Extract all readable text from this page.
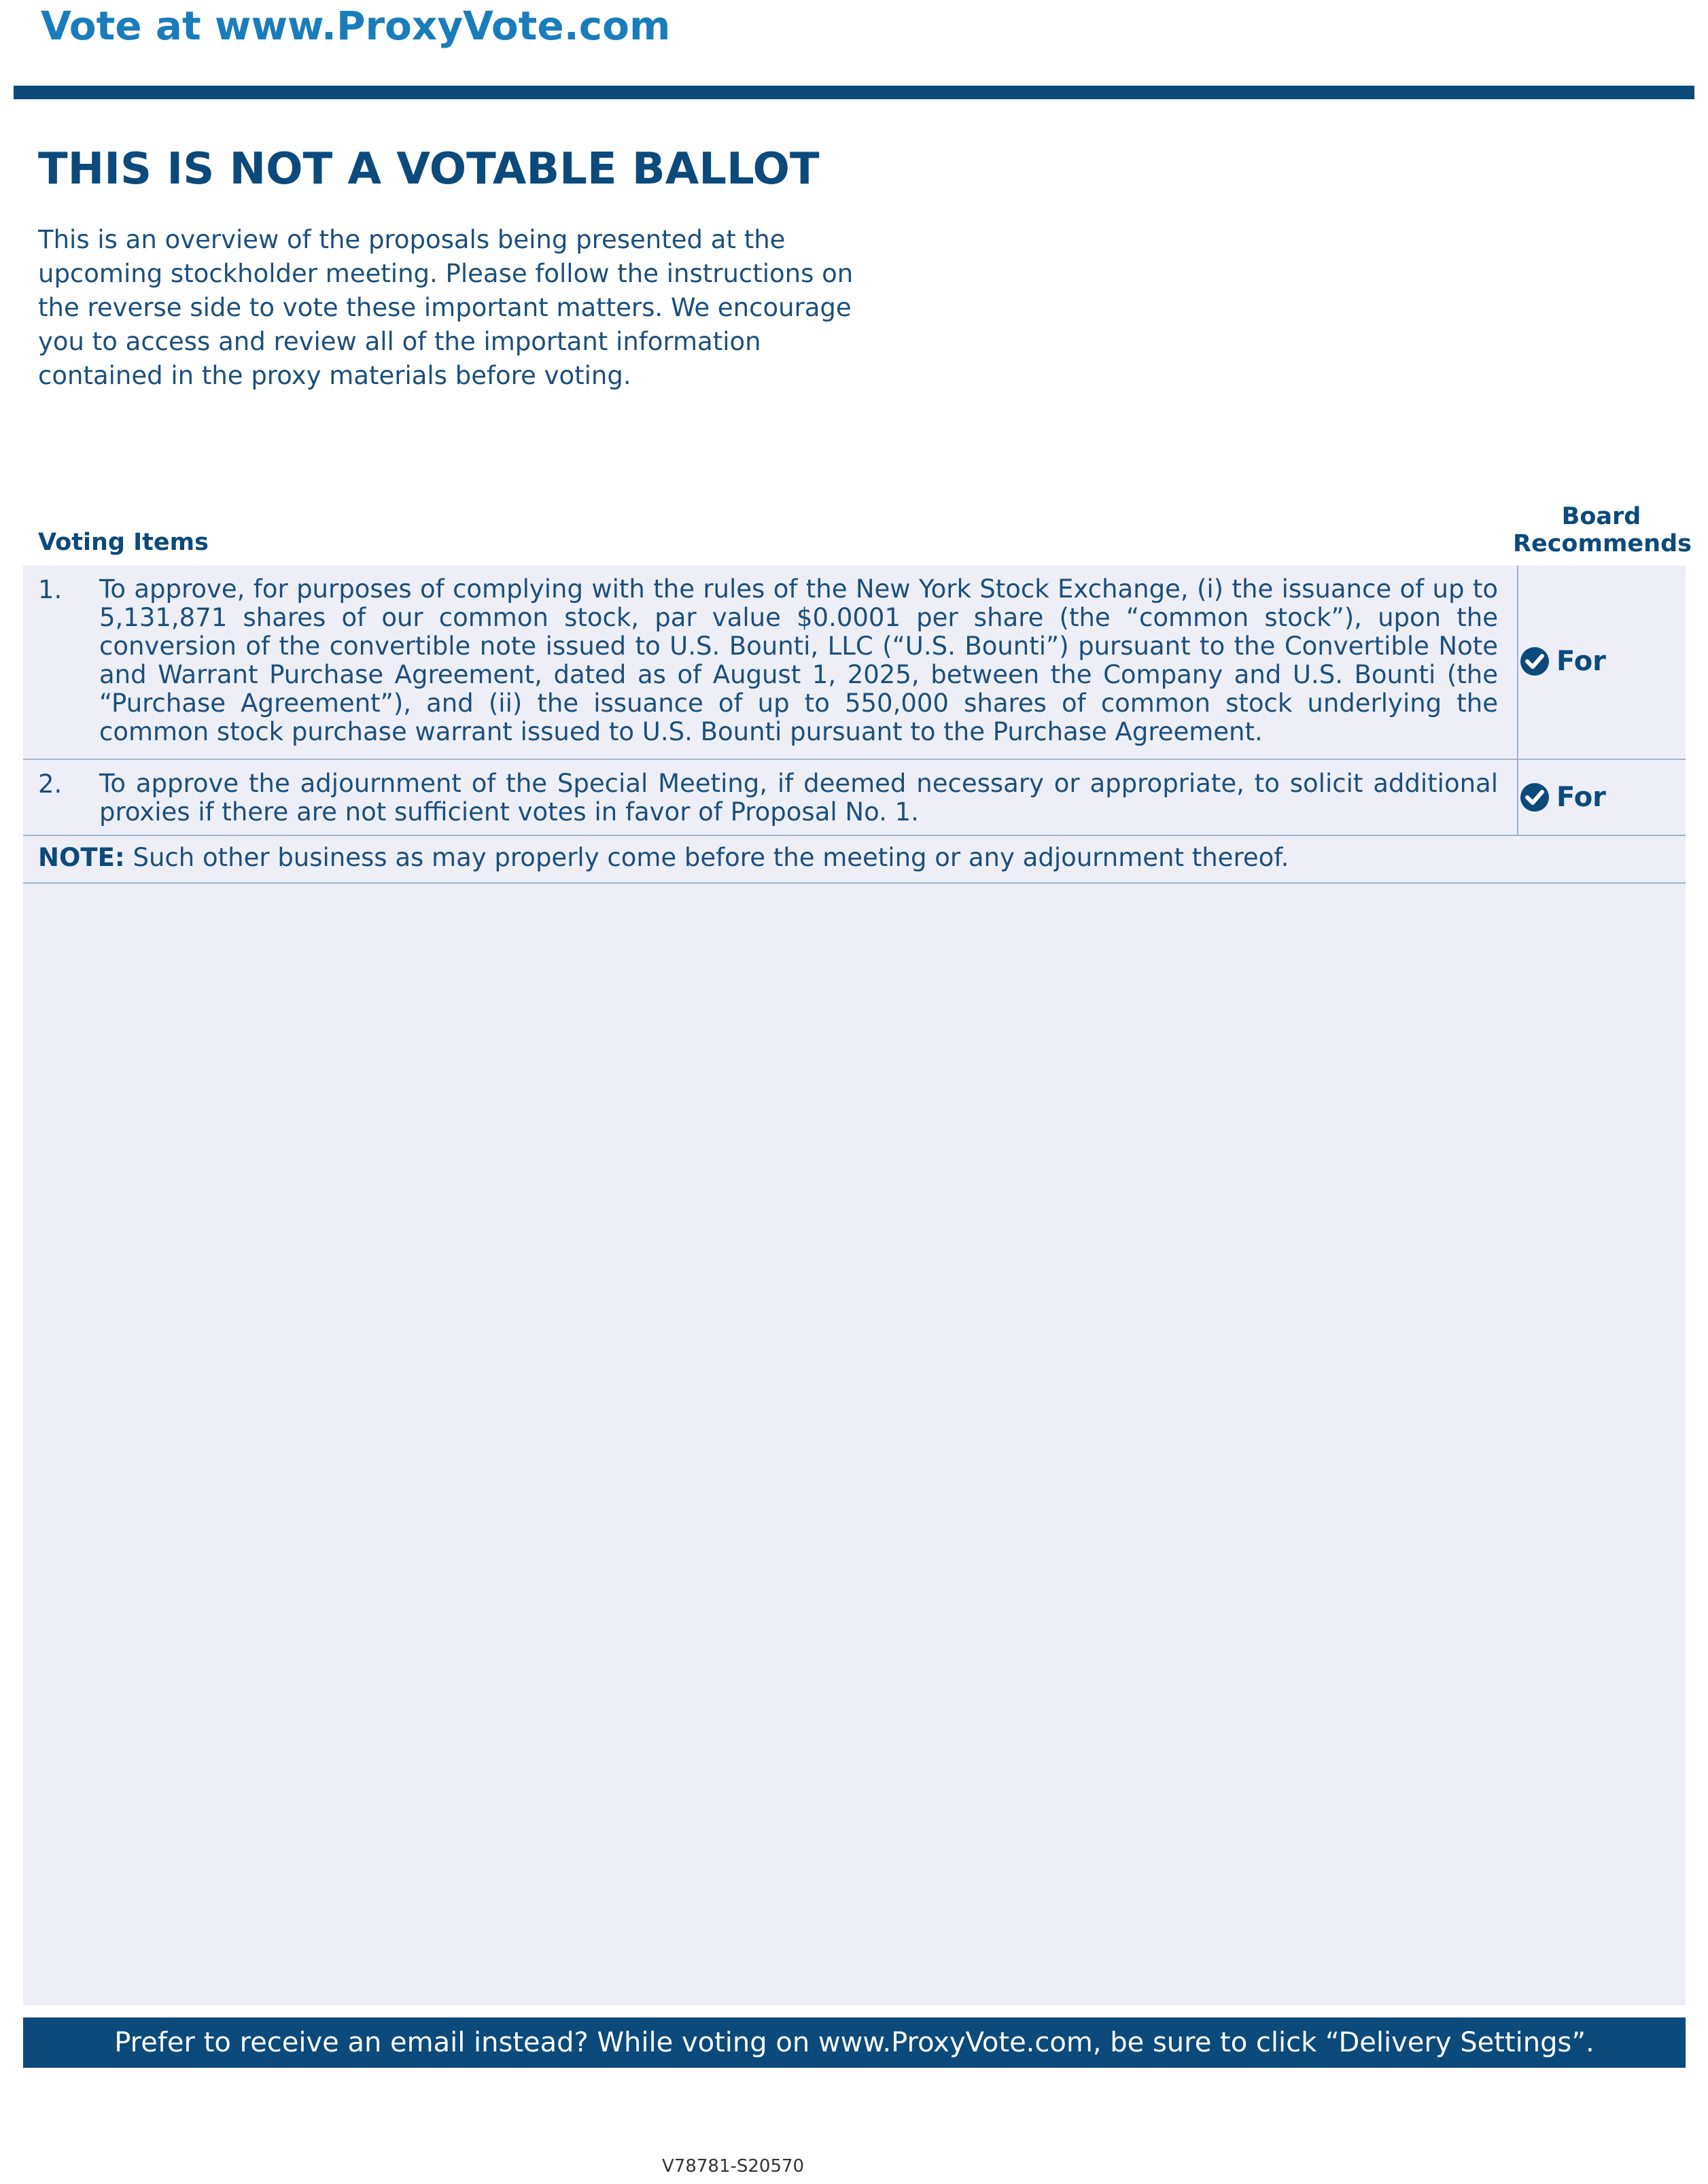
Vote at www.ProxyVote.com
THIS IS NOT A VOTABLE BALLOT
This is an overview of the proposals being presented at the upcoming stockholder meeting. Please follow the instructions on the reverse side to vote these important matters. We encourage you to access and review all of the important information contained in the proxy materials before voting.
Voting Items
Board
Recommends
1. To approve, for purposes of complying with the rules of the New York Stock Exchange, (i) the issuance of up to 5,131,871 shares of our common stock, par value $0.0001 per share (the “common stock”), upon the conversion of the convertible note issued to U.S. Bounti, LLC (“U.S. Bounti”) pursuant to the Convertible Note and Warrant Purchase Agreement, dated as of August 1, 2025, between the Company and U.S. Bounti (the “Purchase Agreement”), and (ii) the issuance of up to 550,000 shares of common stock underlying the common stock purchase warrant issued to U.S. Bounti pursuant to the Purchase Agreement.
For
2. To approve the adjournment of the Special Meeting, if deemed necessary or appropriate, to solicit additional proxies if there are not sufficient votes in favor of Proposal No. 1.	For
NOTE: Such other business as may properly come before the meeting or any adjournment thereof.
Prefer to receive an email instead? While voting on www.ProxyVote.com, be sure to click “Delivery Settings”.
V78781-S20570
